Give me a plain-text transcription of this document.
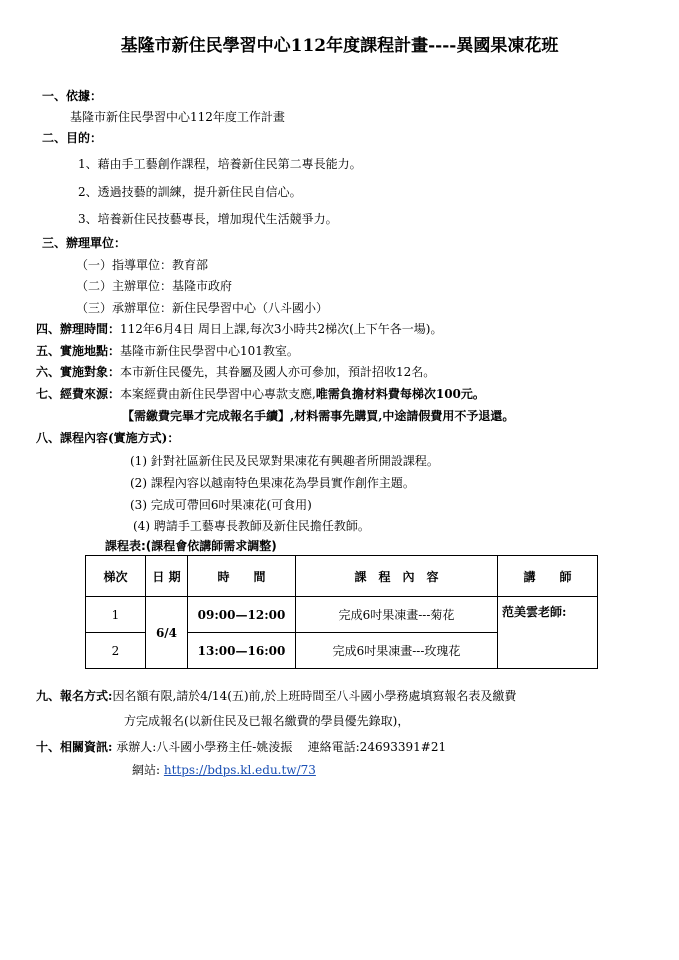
基隆市新住民學習中心112年度課程計畫----異國果凍花班
一、依據：
基隆市新住民學習中心112年度工作計畫
二、目的：
1、藉由手工藝創作課程，培養新住民第二專長能力。
2、透過技藝的訓練，提升新住民自信心。
3、培養新住民技藝專長，增加現代生活競爭力。
三、辦理單位：
（一）指導單位：教育部
（二）主辦單位：基隆市政府
（三）承辦單位：新住民學習中心（八斗國小）
四、辦理時間：112年6月4日 周日上課,每次3小時共2梯次(上下午各一場)。
五、實施地點：基隆市新住民學習中心101教室。
六、實施對象：本市新住民優先，其眷屬及國人亦可參加，預計招收12名。
七、經費來源：本案經費由新住民學習中心專款支應,唯需負擔材料費每梯次100元。
【需繳費完畢才完成報名手續】,材料需事先購買,中途請假費用不予退還。
八、課程內容(實施方式)：
(1) 針對社區新住民及民眾對果凍花有興趣者所開設課程。
(2) 課程內容以越南特色果凍花為學員實作創作主題。
(3) 完成可帶回6吋果凍花(可食用)
(4) 聘請手工藝專長教師及新住民擔任教師。
課程表:(課程會依講師需求調整)
梯次	日 期	時　　間	課　程　內　容	講　　師
1	6/4	09:00—12:00	完成6吋果凍畫---菊花	范美雲老師:
2		13:00—16:00	完成6吋果凍畫---玫瑰花	
九、報名方式:因名額有限,請於4/14(五)前,於上班時間至八斗國小學務處填寫報名表及繳費
方完成報名(以新住民及已報名繳費的學員優先錄取)，
十、相關資訊: 承辦人:八斗國小學務主任-姚淩振 連絡電話:24693391#21
網站: https://bdps.kl.edu.tw/73
